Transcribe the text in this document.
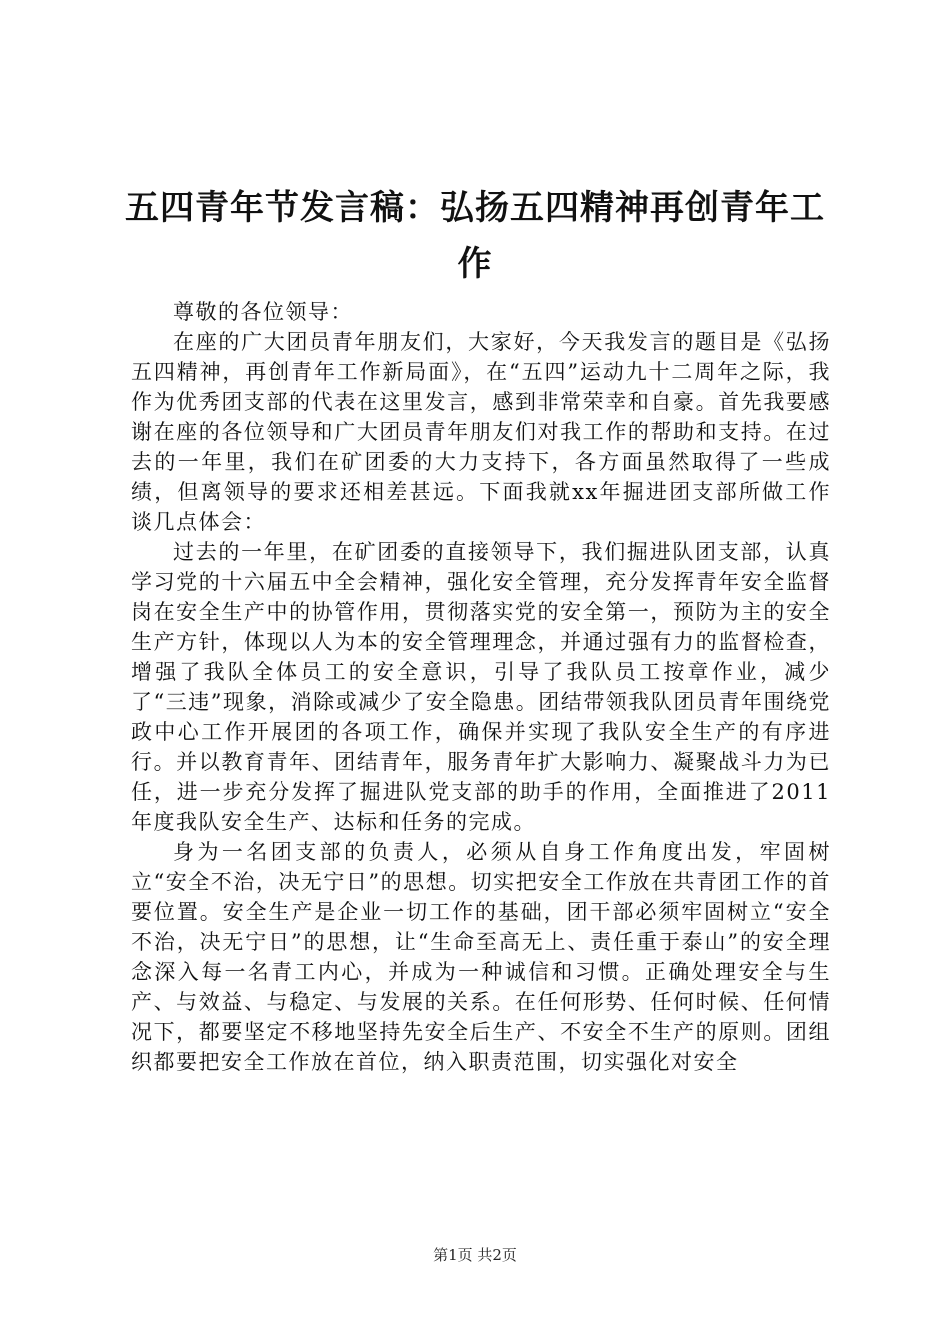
五四青年节发言稿：弘扬五四精神再创青年工作

尊敬的各位领导：

在座的广大团员青年朋友们，大家好，今天我发言的题目是《弘扬五四精神，再创青年工作新局面》，在“五四”运动九十二周年之际，我作为优秀团支部的代表在这里发言，感到非常荣幸和自豪。首先我要感谢在座的各位领导和广大团员青年朋友们对我工作的帮助和支持。在过去的一年里，我们在矿团委的大力支持下，各方面虽然取得了一些成绩，但离领导的要求还相差甚远。下面我就xx年掘进团支部所做工作谈几点体会：

过去的一年里，在矿团委的直接领导下，我们掘进队团支部，认真学习党的十六届五中全会精神，强化安全管理，充分发挥青年安全监督岗在安全生产中的协管作用，贯彻落实党的安全第一，预防为主的安全生产方针，体现以人为本的安全管理理念，并通过强有力的监督检查，增强了我队全体员工的安全意识，引导了我队员工按章作业，减少了“三违”现象，消除或减少了安全隐患。团结带领我队团员青年围绕党政中心工作开展团的各项工作，确保并实现了我队安全生产的有序进行。并以教育青年、团结青年，服务青年扩大影响力、凝聚战斗力为已任，进一步充分发挥了掘进队党支部的助手的作用，全面推进了2011年度我队安全生产、达标和任务的完成。

身为一名团支部的负责人，必须从自身工作角度出发，牢固树立“安全不治，决无宁日”的思想。切实把安全工作放在共青团工作的首要位置。安全生产是企业一切工作的基础，团干部必须牢固树立“安全不治，决无宁日”的思想，让“生命至高无上、责任重于泰山”的安全理念深入每一名青工内心，并成为一种诚信和习惯。正确处理安全与生产、与效益、与稳定、与发展的关系。在任何形势、任何时候、任何情况下，都要坚定不移地坚持先安全后生产、不安全不生产的原则。团组织都要把安全工作放在首位，纳入职责范围，切实强化对安全

第1页 共2页
